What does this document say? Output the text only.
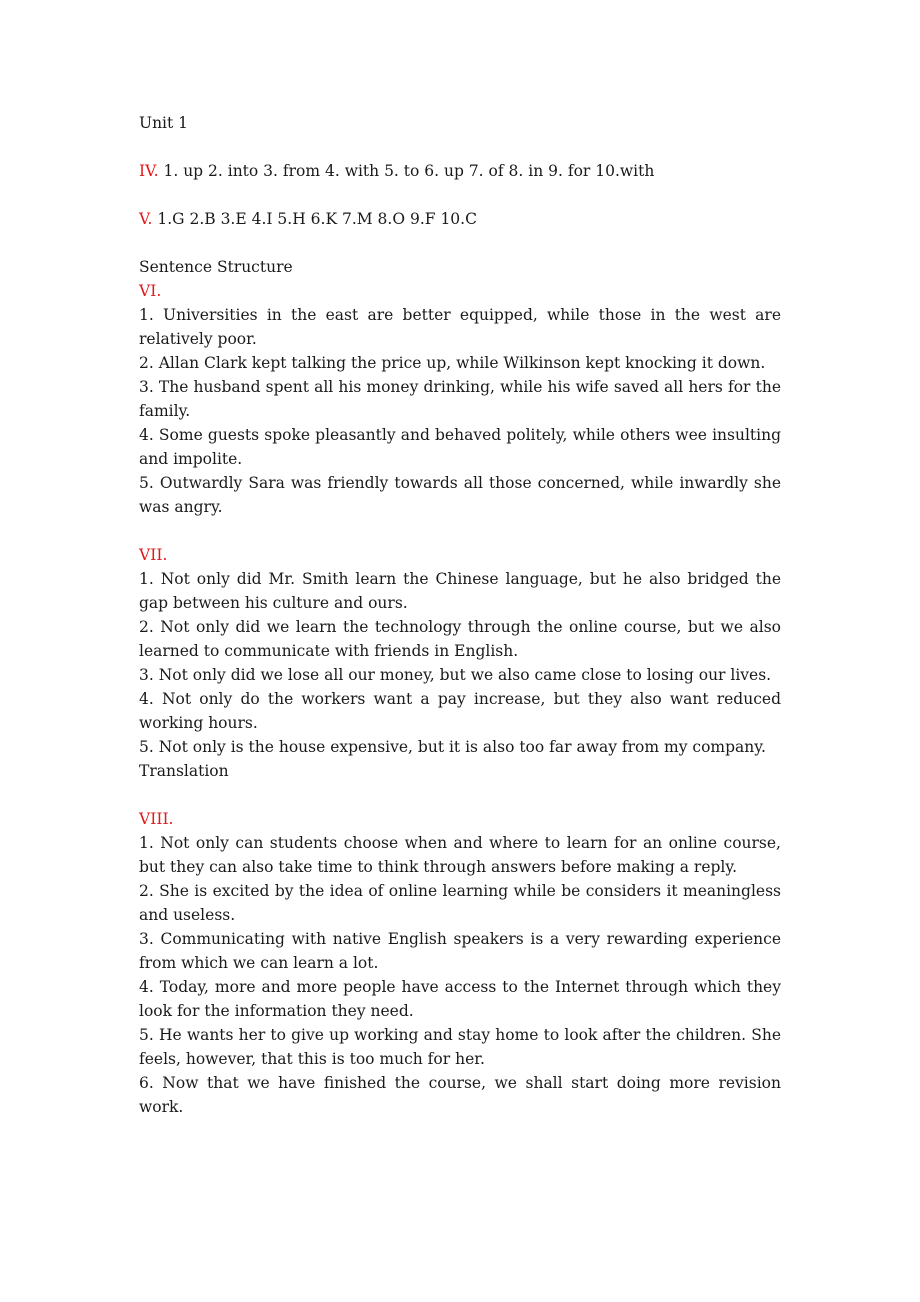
Unit 1
IV. 1. up 2. into 3. from 4. with 5. to 6. up 7. of 8. in 9. for 10.with
V. 1.G 2.B 3.E 4.I 5.H 6.K 7.M 8.O 9.F 10.C
Sentence Structure
VI.
1. Universities in the east are better equipped, while those in the west are relatively poor.
2. Allan Clark kept talking the price up, while Wilkinson kept knocking it down.
3. The husband spent all his money drinking, while his wife saved all hers for the family.
4. Some guests spoke pleasantly and behaved politely, while others wee insulting and impolite.
5. Outwardly Sara was friendly towards all those concerned, while inwardly she was angry.
VII.
1. Not only did Mr. Smith learn the Chinese language, but he also bridged the gap between his culture and ours.
2. Not only did we learn the technology through the online course, but we also learned to communicate with friends in English.
3. Not only did we lose all our money, but we also came close to losing our lives.
4. Not only do the workers want a pay increase, but they also want reduced working hours.
5. Not only is the house expensive, but it is also too far away from my company.
Translation
VIII.
1. Not only can students choose when and where to learn for an online course, but they can also take time to think through answers before making a reply.
2. She is excited by the idea of online learning while be considers it meaningless and useless.
3. Communicating with native English speakers is a very rewarding experience from which we can learn a lot.
4. Today, more and more people have access to the Internet through which they look for the information they need.
5. He wants her to give up working and stay home to look after the children. She feels, however, that this is too much for her.
6. Now that we have finished the course, we shall start doing more revision work.
